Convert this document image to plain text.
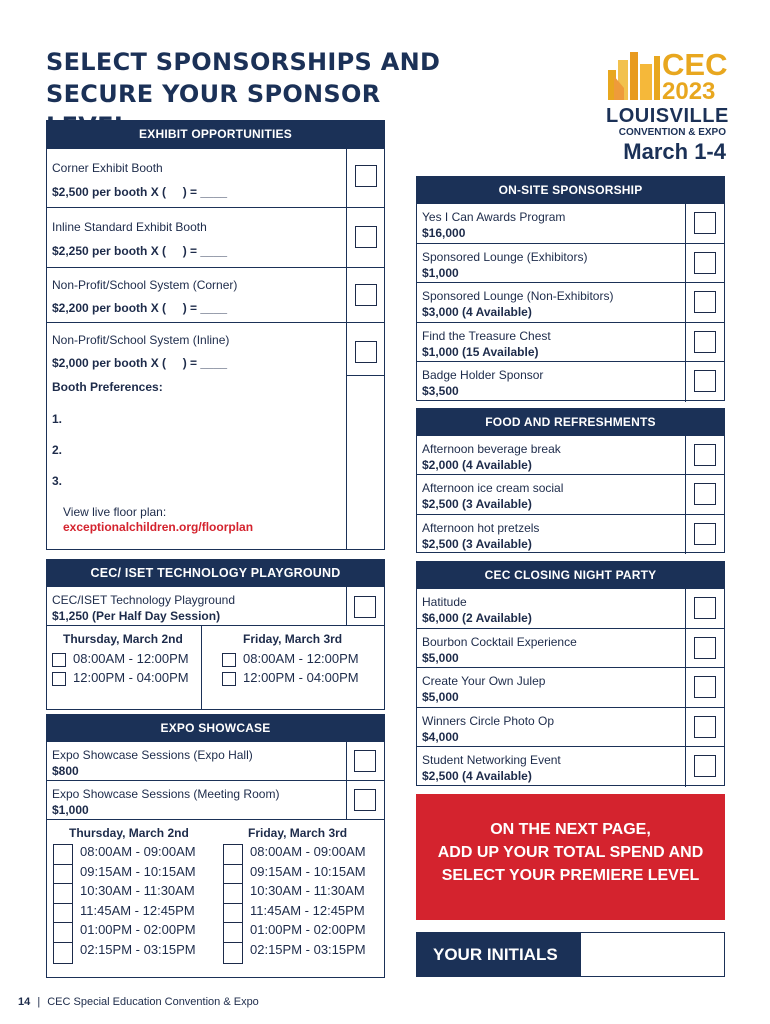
SELECT SPONSORSHIPS AND
SECURE YOUR SPONSOR
CEC
2023
LOUISVILLE
CONVENTION & EXPO
March 1-4
EXHIBIT OPPORTUNITIES
Corner Exhibit Booth
$2,500 per booth X (     ) = ____
Inline Standard Exhibit Booth
$2,250 per booth X (     ) = ____
Non-Profit/School System (Corner)
$2,200 per booth X (     ) = ____
Non-Profit/School System (Inline)
$2,000 per booth X (     ) = ____
Booth Preferences:
1.
2.
3.
View live floor plan:
exceptionalchildren.org/floorplan
CEC/ ISET TECHNOLOGY PLAYGROUND
CEC/ISET Technology Playground
$1,250 (Per Half Day Session)
Thursday, March 2nd	Friday, March 3rd
08:00AM - 12:00PM
12:00PM - 04:00PM
08:00AM - 12:00PM
12:00PM - 04:00PM
EXPO SHOWCASE
Expo Showcase Sessions (Expo Hall)
$800
Expo Showcase Sessions (Meeting Room)
$1,000
Thursday, March 2nd	Friday, March 3rd
08:00AM - 09:00AM
09:15AM - 10:15AM
10:30AM - 11:30AM
11:45AM - 12:45PM
01:00PM - 02:00PM
02:15PM - 03:15PM
08:00AM - 09:00AM
09:15AM - 10:15AM
10:30AM - 11:30AM
11:45AM - 12:45PM
01:00PM - 02:00PM
02:15PM - 03:15PM
ON-SITE SPONSORSHIP
Yes I Can Awards Program
$16,000
Sponsored Lounge (Exhibitors)
$1,000
Sponsored Lounge (Non-Exhibitors)
$3,000 (4 Available)
Find the Treasure Chest
$1,000 (15 Available)
Badge Holder Sponsor
$3,500
FOOD AND REFRESHMENTS
Afternoon beverage break
$2,000 (4 Available)
Afternoon ice cream social
$2,500 (3 Available)
Afternoon hot pretzels
$2,500 (3 Available)
CEC CLOSING NIGHT PARTY
Hatitude
$6,000 (2 Available)
Bourbon Cocktail Experience
$5,000
Create Your Own Julep
$5,000
Winners Circle Photo Op
$4,000
Student Networking Event
$2,500 (4 Available)
ON THE NEXT PAGE,
ADD UP YOUR TOTAL SPEND AND
SELECT YOUR PREMIERE LEVEL
YOUR INITIALS
14 | CEC Special Education Convention & Expo
